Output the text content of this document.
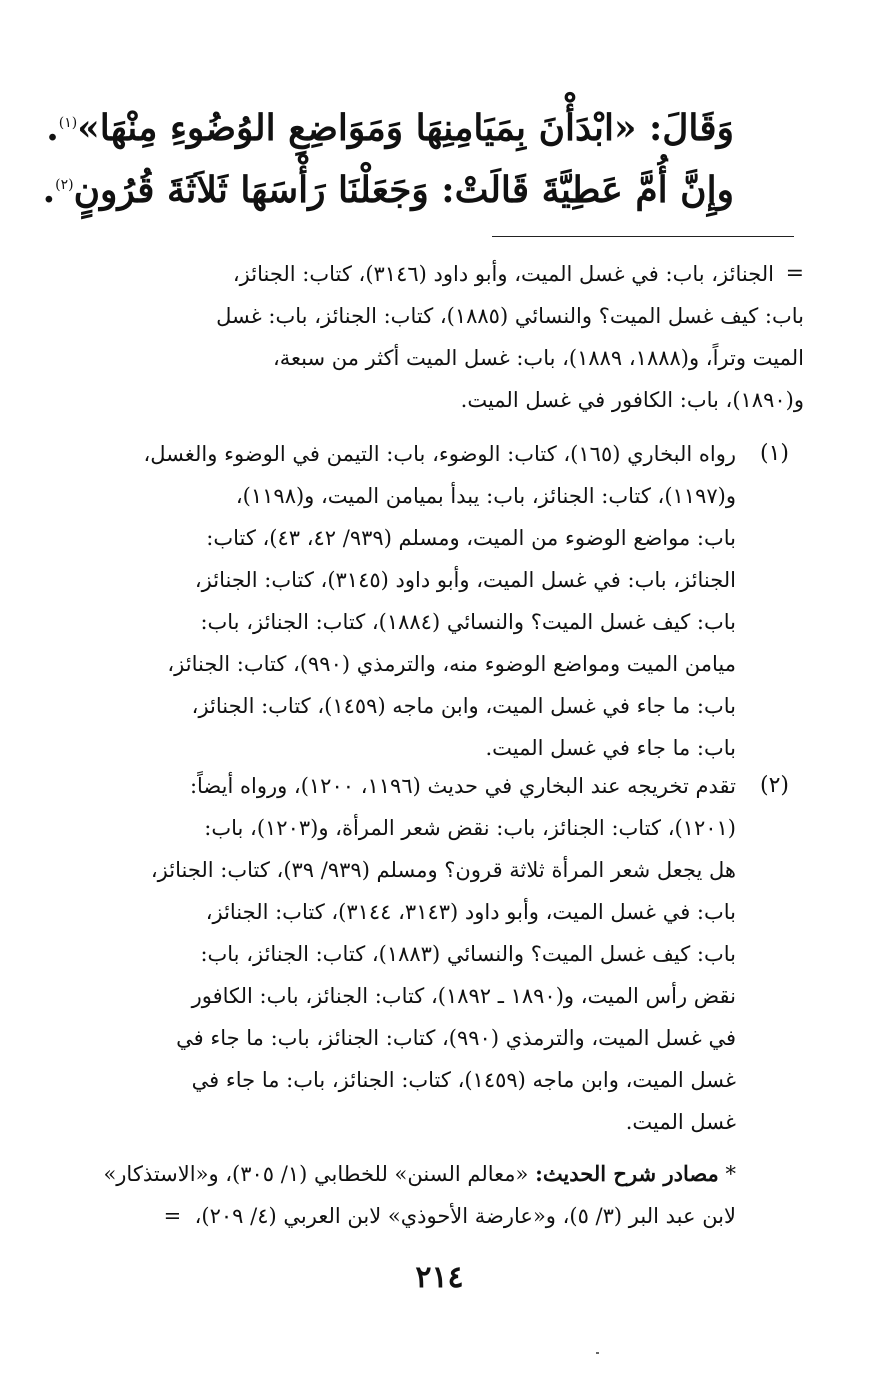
وَقَالَ: «ابْدَأْنَ بِمَيَامِنِهَا وَمَوَاضِعِ الوُضُوءِ مِنْهَا»$^{(١)}$.
وإِنَّ أُمَّ عَطِيَّةَ قَالَتْ: وَجَعَلْنَا رَأْسَهَا ثَلاَثَةَ قُرُونٍ$^{(٢)}$.
=
الجنائز، باب: في غسل الميت، وأبو داود (٣١٤٦)، كتاب: الجنائز،
باب: كيف غسل الميت؟ والنسائي (١٨٨٥)، كتاب: الجنائز، باب: غسل
الميت وتراً، و(١٨٨٨، ١٨٨٩)، باب: غسل الميت أكثر من سبعة،
و(١٨٩٠)، باب: الكافور في غسل الميت.
(١)
رواه البخاري (١٦٥)، كتاب: الوضوء، باب: التيمن في الوضوء والغسل،
و(١١٩٧)، كتاب: الجنائز، باب: يبدأ بميامن الميت، و(١١٩٨)،
باب: مواضع الوضوء من الميت، ومسلم (٩٣٩/ ٤٢، ٤٣)، كتاب:
الجنائز، باب: في غسل الميت، وأبو داود (٣١٤٥)، كتاب: الجنائز،
باب: كيف غسل الميت؟ والنسائي (١٨٨٤)، كتاب: الجنائز، باب:
ميامن الميت ومواضع الوضوء منه، والترمذي (٩٩٠)، كتاب: الجنائز،
باب: ما جاء في غسل الميت، وابن ماجه (١٤٥٩)، كتاب: الجنائز،
باب: ما جاء في غسل الميت.
(٢)
تقدم تخريجه عند البخاري في حديث (١١٩٦، ١٢٠٠)، ورواه أيضاً:
(١٢٠١)، كتاب: الجنائز، باب: نقض شعر المرأة، و(١٢٠٣)، باب:
هل يجعل شعر المرأة ثلاثة قرون؟ ومسلم (٩٣٩/ ٣٩)، كتاب: الجنائز،
باب: في غسل الميت، وأبو داود (٣١٤٣، ٣١٤٤)، كتاب: الجنائز،
باب: كيف غسل الميت؟ والنسائي (١٨٨٣)، كتاب: الجنائز، باب:
نقض رأس الميت، و(١٨٩٠ ـ ١٨٩٢)، كتاب: الجنائز، باب: الكافور
في غسل الميت، والترمذي (٩٩٠)، كتاب: الجنائز، باب: ما جاء في
غسل الميت، وابن ماجه (١٤٥٩)، كتاب: الجنائز، باب: ما جاء في
غسل الميت.
* مصادر شرح الحديث: «معالم السنن» للخطابي (١/ ٣٠٥)، و«الاستذكار»
لابن عبد البر (٣/ ٥)، و«عارضة الأحوذي» لابن العربي (٤/ ٢٠٩)،  =
٢١٤
